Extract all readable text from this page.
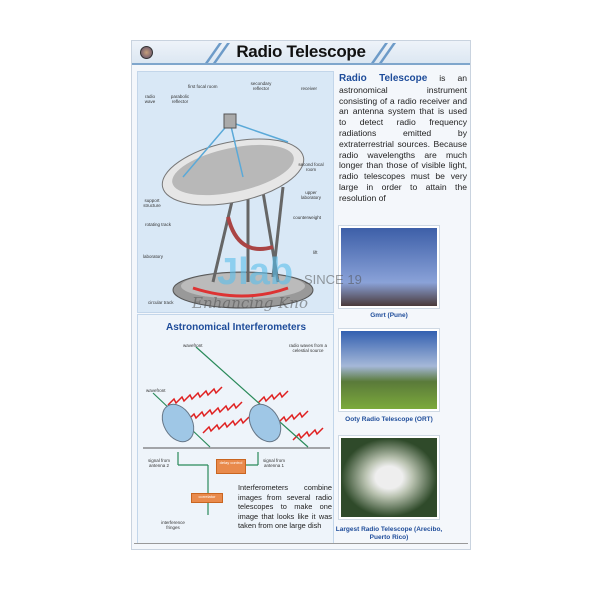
Radio Telescope
first focal room
secondary reflector	receiver
radio wave
parabolic reflector
second focal room
upper laboratory
support structure
rotating track
counterweight
laboratory
lift
circular track
Radio Telescope is an astronomical instrument consisting of a radio receiver and an antenna system that is used to detect radio frequency radiations emitted by extraterrestrial sources. Because radio wavelengths are much longer than those of visible light, radio telescopes must be very large in order to attain the resolution of
Gmrt (Pune)
Ooty Radio Telescope (ORT)
Largest Radio Telescope (Arecibo, Puerto Rico)
Astronomical Interferometers
wavefront
wavefront
radio waves from a celestial source
signal from antenna 2
signal from antenna 1
delay control
correlator
interference fringes
Interferometers combine images from several radio telescopes to make one image that looks like it was taken from one large dish
Jlab SINCE 19
Enhancing Kno
